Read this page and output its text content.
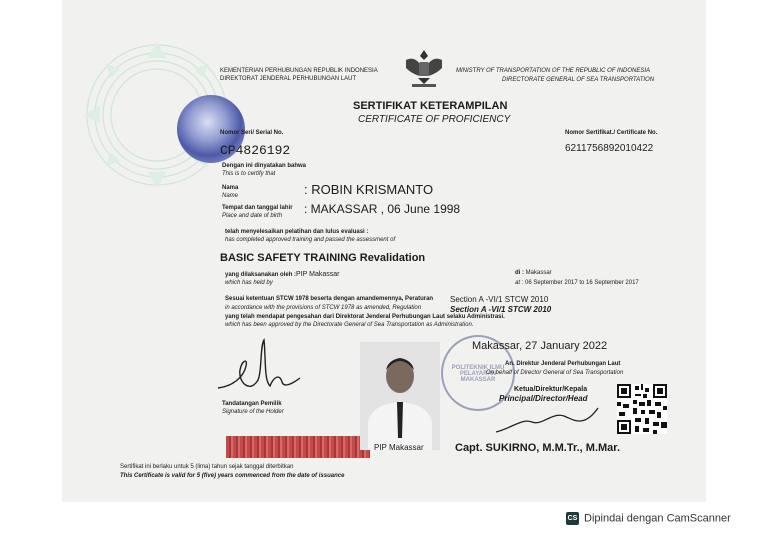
KEMENTERIAN PERHUBUNGAN REPUBLIK INDONESIA
DIREKTORAT JENDERAL PERHUBUNGAN LAUT
MINISTRY OF TRANSPORTATION OF THE REPUBLIC OF INDONESIA
DIRECTORATE GENERAL OF SEA TRANSPORTATION
SERTIFIKAT KETERAMPILAN
CERTIFICATE OF PROFICIENCY
Nomor Seri/ Serial No.
CP4826192
Nomor Sertifikat./ Certificate No.
6211756892010422
Dengan ini dinyatakan bahwa
This is to certify that
Nama
Name	: ROBIN KRISMANTO
Tempat dan tanggal lahir
Place and date of birth : MAKASSAR , 06 June 1998
telah menyelesaikan pelatihan dan lulus evaluasi :
has completed approved training and passed the assessment of
BASIC SAFETY TRAINING Revalidation
yang dilaksanakan oleh :PIP Makassar
which has held by
di : Makassar
at : 06 September 2017 to 16 September 2017
Sesuai ketentuan STCW 1978 beserta dengan amandemennya, Peraturan Section A -VI/1 STCW 2010
in accordance with the provisions of STCW 1978 as amended, Regulation	Section A -VI/1 STCW 2010
yang telah mendapat pengesahan dari Direktorat Jenderal Perhubungan Laut selaku Administrasi.
which has been approved by the Directorate General of Sea Transportation as Administration.
Tandatangan Pemilik
Signature of the Holder
PIP Makassar
POLITEKNIK ILMU PELAYARAN MAKASSAR
Makassar, 27 January 2022
An. Direktur Jenderal Perhubungan Laut
On behalf of Director General of Sea Transportation
Ketua/Direktur/Kepala
Principal/Director/Head
Capt. SUKIRNO, M.M.Tr., M.Mar.
Sertifikat ini berlaku untuk 5 (lima) tahun sejak tanggal diterbitkan
This Certificate is valid for 5 (five) years commenced from the date of issuance
CS Dipindai dengan CamScanner
